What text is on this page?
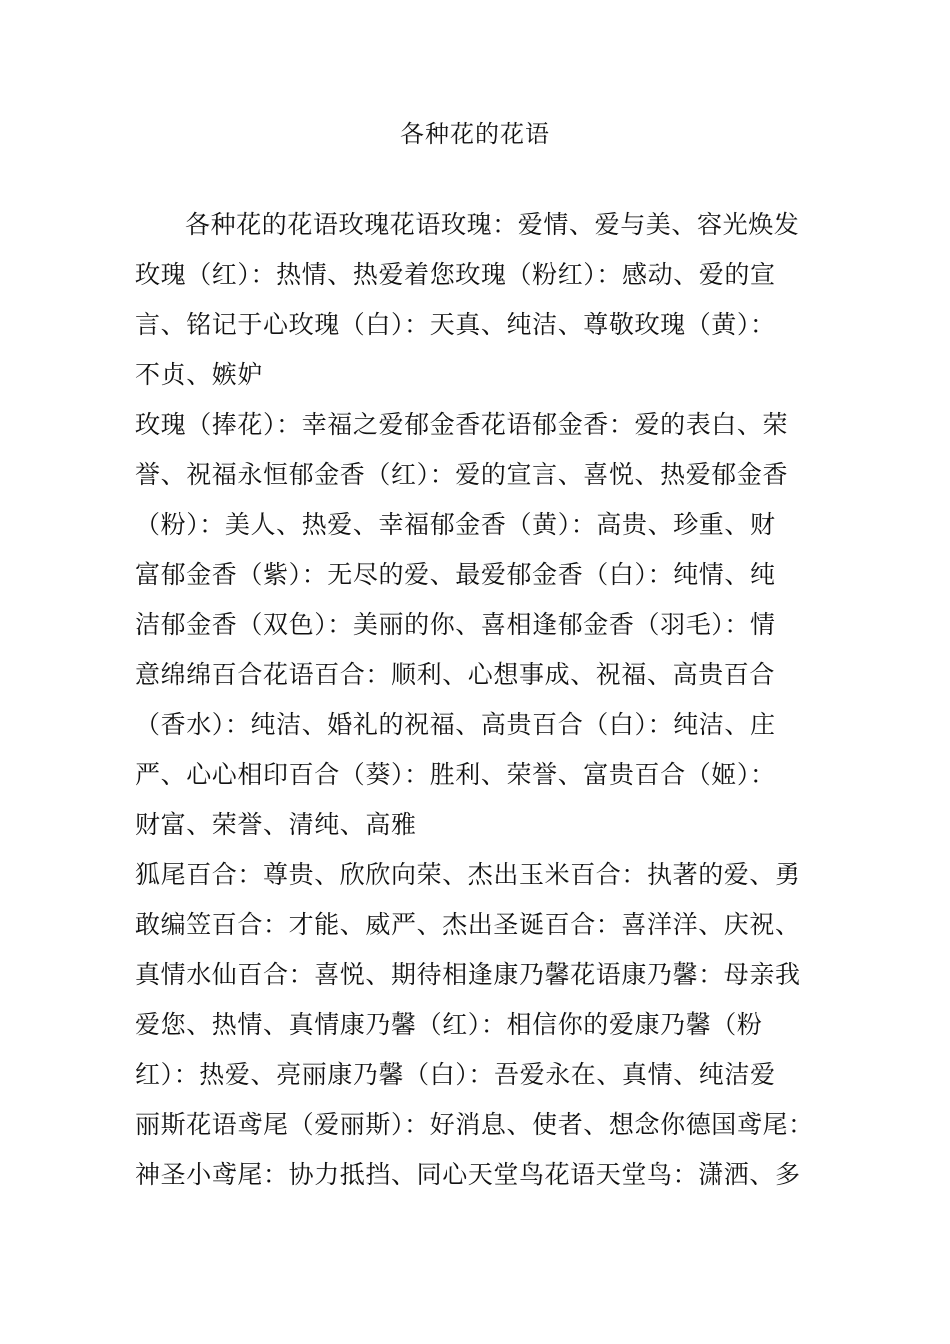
各种花的花语
各种花的花语玫瑰花语玫瑰：爱情、爱与美、容光焕发
玫瑰（红）：热情、热爱着您玫瑰（粉红）：感动、爱的宣
言、铭记于心玫瑰（白）：天真、纯洁、尊敬玫瑰（黄）：
不贞、嫉妒
玫瑰（捧花）：幸福之爱郁金香花语郁金香：爱的表白、荣
誉、祝福永恒郁金香（红）：爱的宣言、喜悦、热爱郁金香
（粉）：美人、热爱、幸福郁金香（黄）：高贵、珍重、财
富郁金香（紫）：无尽的爱、最爱郁金香（白）：纯情、纯
洁郁金香（双色）：美丽的你、喜相逢郁金香（羽毛）：情
意绵绵百合花语百合：顺利、心想事成、祝福、高贵百合
（香水）：纯洁、婚礼的祝福、高贵百合（白）：纯洁、庄
严、心心相印百合（葵）：胜利、荣誉、富贵百合（姬）：
财富、荣誉、清纯、高雅
狐尾百合：尊贵、欣欣向荣、杰出玉米百合：执著的爱、勇
敢编笠百合：才能、威严、杰出圣诞百合：喜洋洋、庆祝、
真情水仙百合：喜悦、期待相逢康乃馨花语康乃馨：母亲我
爱您、热情、真情康乃馨（红）：相信你的爱康乃馨（粉
红）：热爱、亮丽康乃馨（白）：吾爱永在、真情、纯洁爱
丽斯花语鸢尾（爱丽斯）：好消息、使者、想念你德国鸢尾：
神圣小鸢尾：协力抵挡、同心天堂鸟花语天堂鸟：潇洒、多
